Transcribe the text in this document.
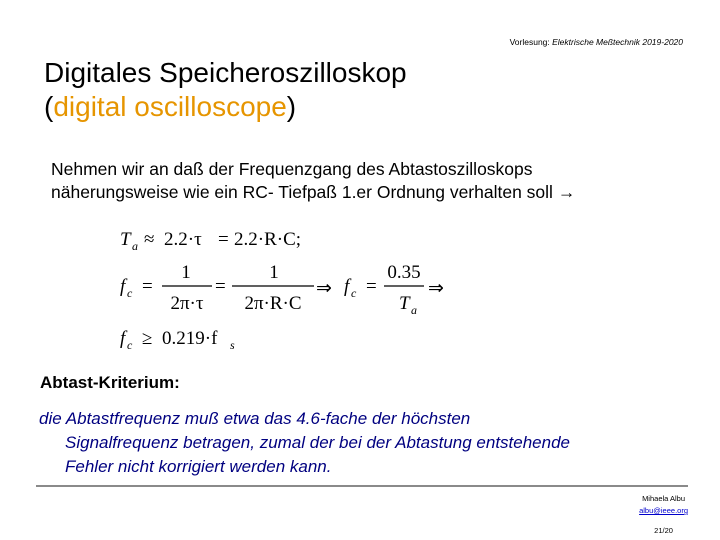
Vorlesung: Elektrische Meßtechnik 2019-2020
Digitales Speicheroszilloskop
(digital oscilloscope)
Nehmen wir an daß der Frequenzgang des Abtastoszilloskops
näherungsweise wie ein RC- Tiefpaß 1.er Ordnung verhalten soll →
T a ≈ 2.2·τ = 2.2·R·C;
f c =
1
2π·τ
=
1
2π·R·C
⇒ f c =
0.35
T a
⇒
f c ≥ 0.219·f s
Abtast-Kriterium:
die Abtastfrequenz muß etwa das 4.6-fache der höchsten
Signalfrequenz betragen, zumal der bei der Abtastung entstehende
Fehler nicht korrigiert werden kann.
Mihaela Albu
albu@ieee.org
21/20
